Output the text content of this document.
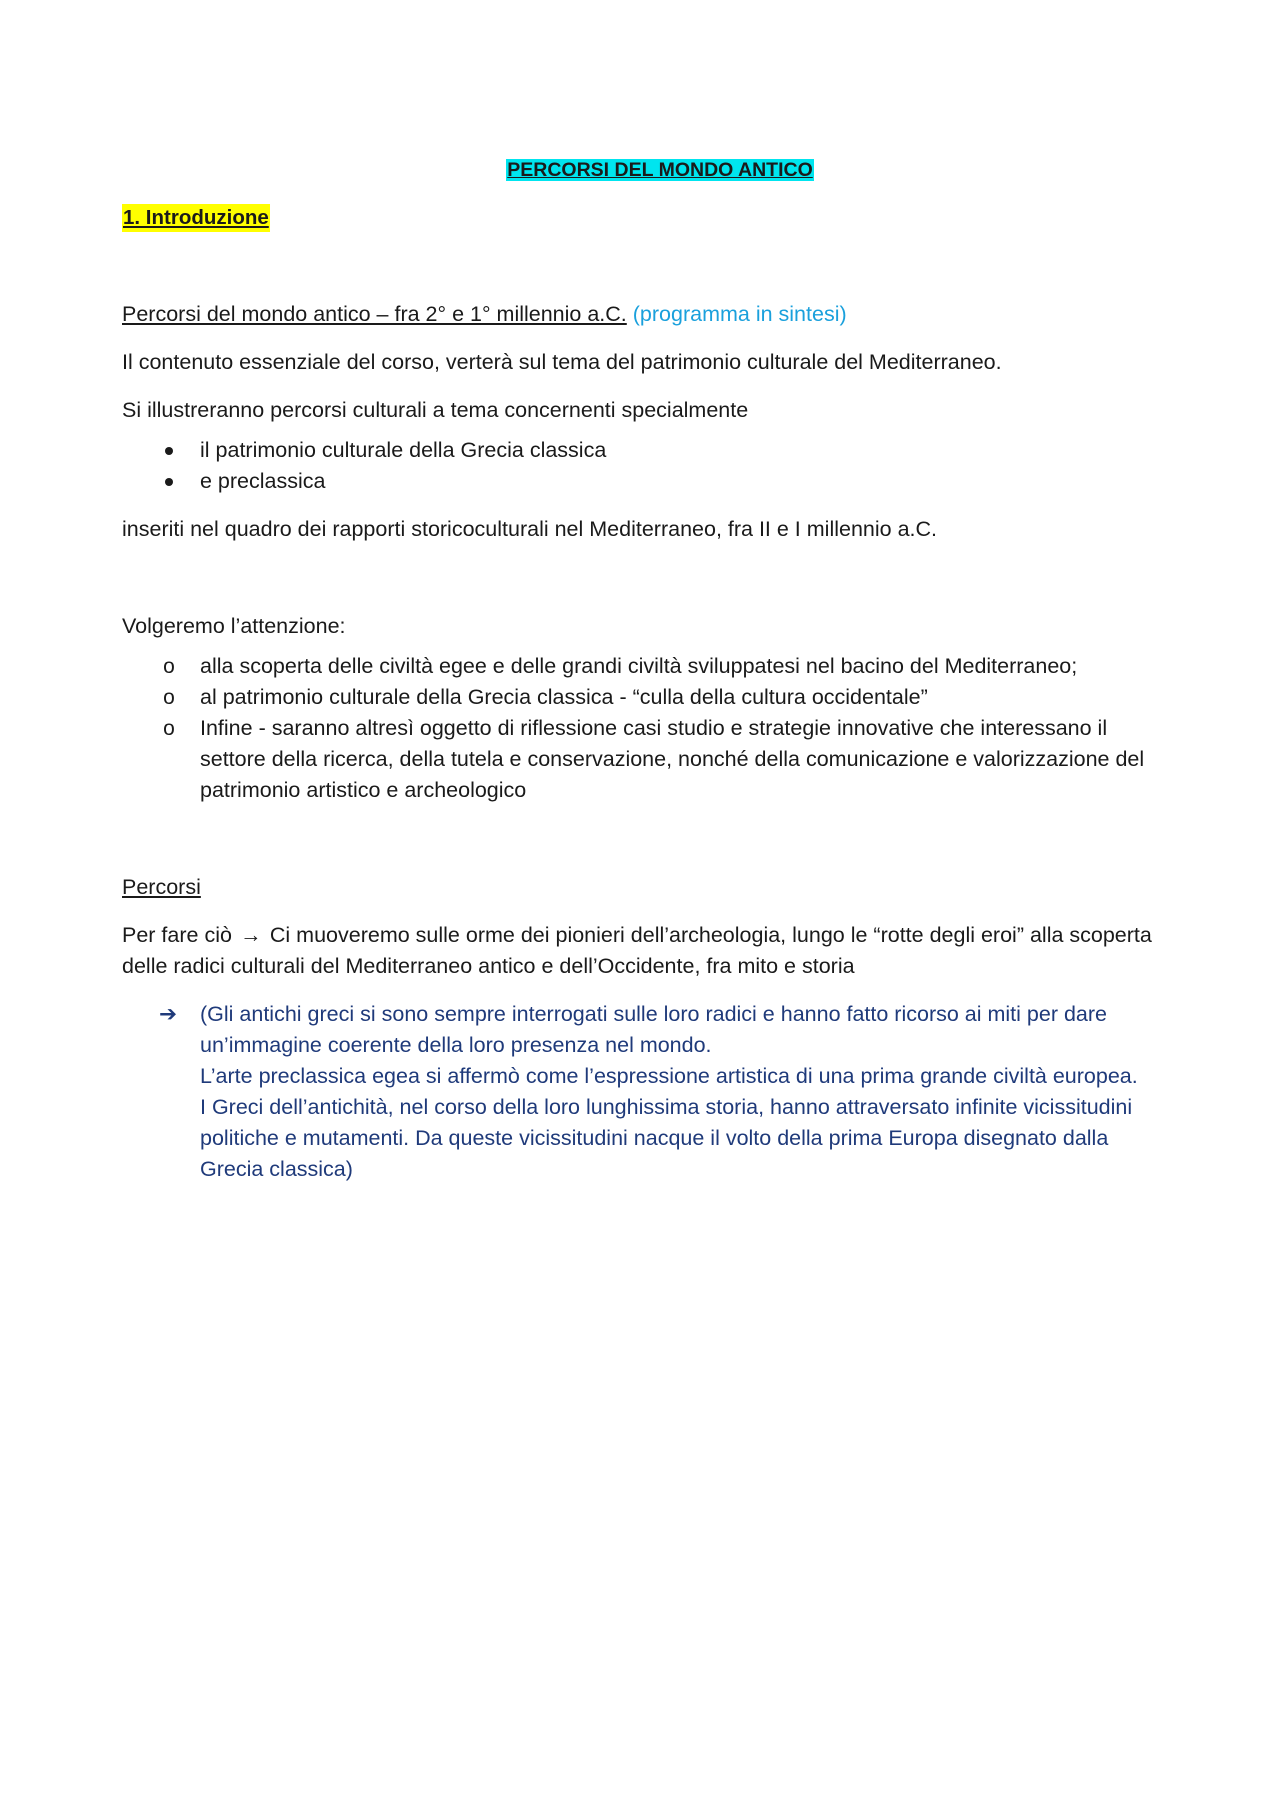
PERCORSI DEL MONDO ANTICO
1. Introduzione

Percorsi del mondo antico – fra 2° e 1° millennio a.C. (programma in sintesi)

Il contenuto essenziale del corso, verterà sul tema del patrimonio culturale del Mediterraneo.

Si illustreranno percorsi culturali a tema concernenti specialmente

il patrimonio culturale della Grecia classica
e preclassica

inseriti nel quadro dei rapporti storicoculturali nel Mediterraneo, fra II e I millennio a.C.

Volgeremo l’attenzione:

o alla scoperta delle civiltà egee e delle grandi civiltà sviluppatesi nel bacino del Mediterraneo;
o al patrimonio culturale della Grecia classica - “culla della cultura occidentale”
o Infine - saranno altresì oggetto di riflessione casi studio e strategie innovative che interessano il settore della ricerca, della tutela e conservazione, nonché della comunicazione e valorizzazione del patrimonio artistico e archeologico

Percorsi

Per fare ciò → Ci muoveremo sulle orme dei pionieri dell’archeologia, lungo le “rotte degli eroi” alla scoperta delle radici culturali del Mediterraneo antico e dell’Occidente, fra mito e storia

➔ (Gli antichi greci si sono sempre interrogati sulle loro radici e hanno fatto ricorso ai miti per dare un’immagine coerente della loro presenza nel mondo.

L’arte preclassica egea si affermò come l’espressione artistica di una prima grande civiltà europea.

I Greci dell’antichità, nel corso della loro lunghissima storia, hanno attraversato infinite vicissitudini politiche e mutamenti. Da queste vicissitudini nacque il volto della prima Europa disegnato dalla Grecia classica)
